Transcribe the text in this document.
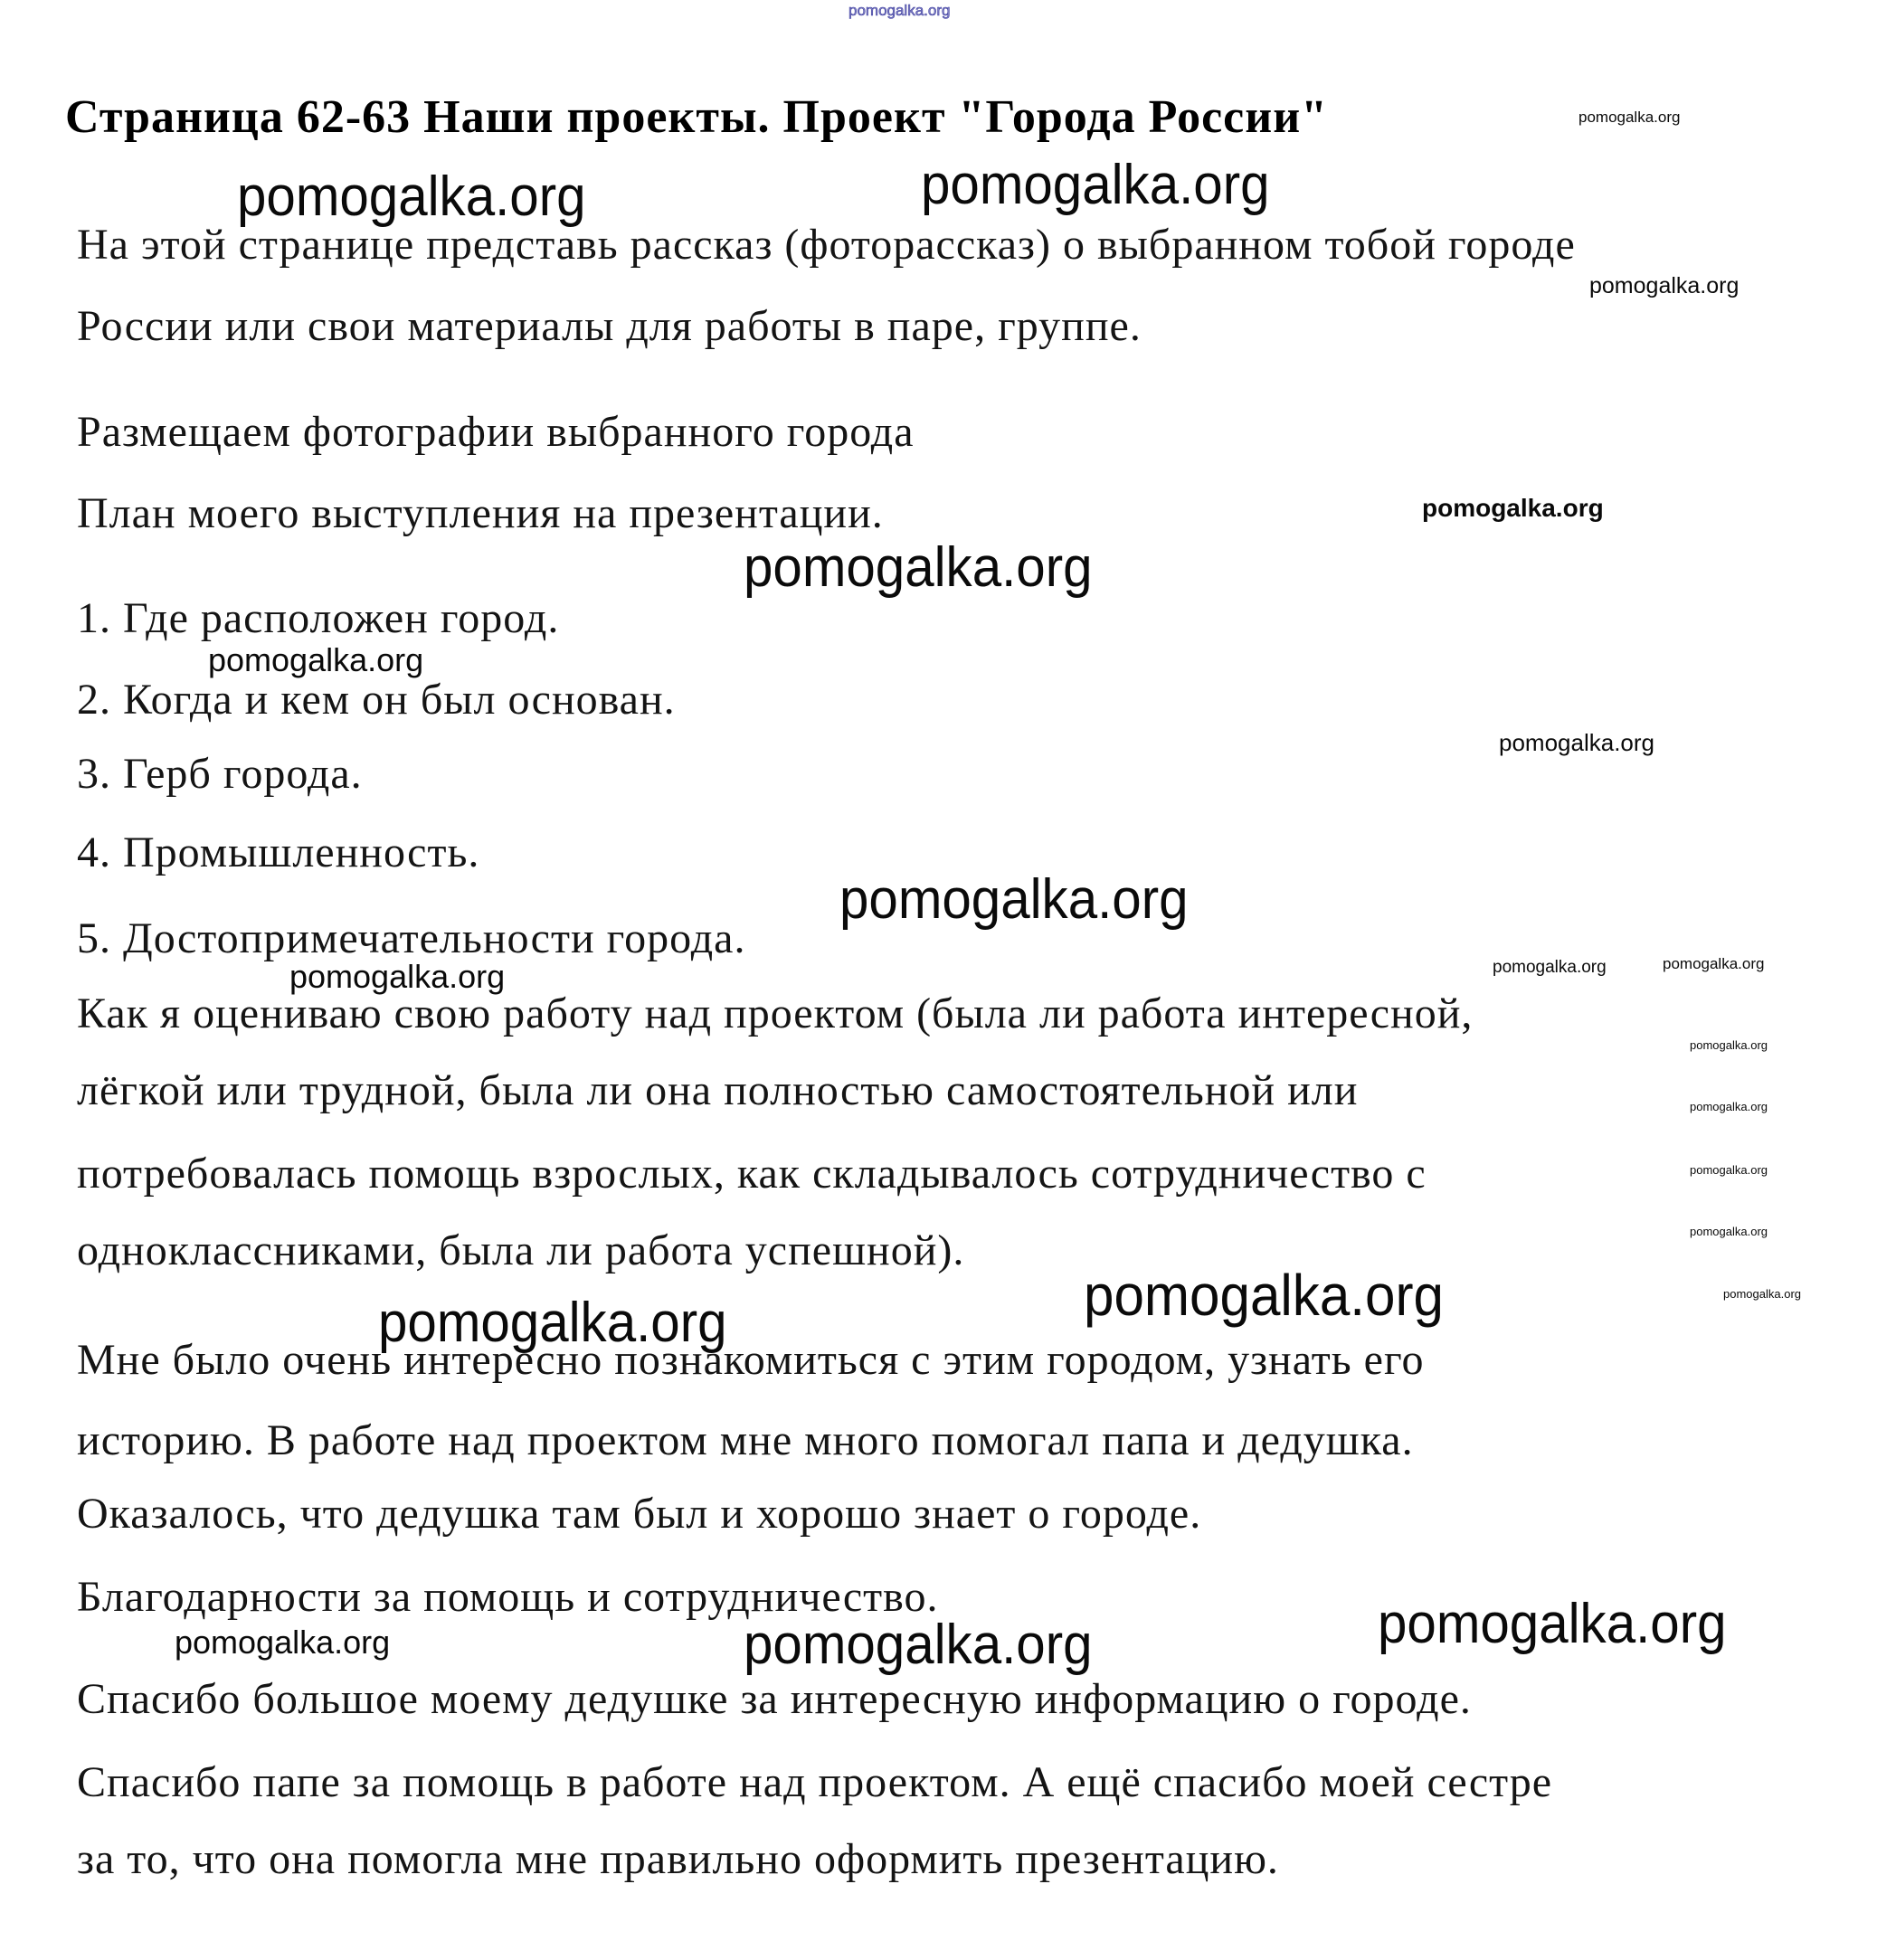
Страница 62-63 Наши проекты. Проект "Города России"
На этой странице представь рассказ (фоторассказ) о выбранном тобой городе
России или свои материалы для работы в паре, группе.
Размещаем фотографии выбранного города
План моего выступления на презентации.
1. Где расположен город.
2. Когда и кем он был основан.
3. Герб города.
4. Промышленность.
5. Достопримечательности города.
Как я оцениваю свою работу над проектом (была ли работа интересной,
лёгкой или трудной, была ли она полностью самостоятельной или
потребовалась помощь взрослых, как складывалось сотрудничество с
одноклассниками, была ли работа успешной).
Мне было очень интересно познакомиться с этим городом, узнать его
историю. В работе над проектом мне много помогал папа и дедушка.
Оказалось, что дедушка там был и хорошо знает о городе.
Благодарности за помощь и сотрудничество.
Спасибо большое моему дедушке за интересную информацию о городе.
Спасибо папе за помощь в работе над проектом. А ещё спасибо моей сестре
за то, что она помогла мне правильно оформить презентацию.
pomogalka.org
pomogalka.org
pomogalka.org	pomogalka.org
pomogalka.org
pomogalka.org
pomogalka.org
pomogalka.org
pomogalka.org
pomogalka.org
pomogalka.org	pomogalka.org	pomogalka.org
pomogalka.org
pomogalka.org
pomogalka.org
pomogalka.org
pomogalka.org
pomogalka.org	pomogalka.org
pomogalka.org	pomogalka.org	pomogalka.org
